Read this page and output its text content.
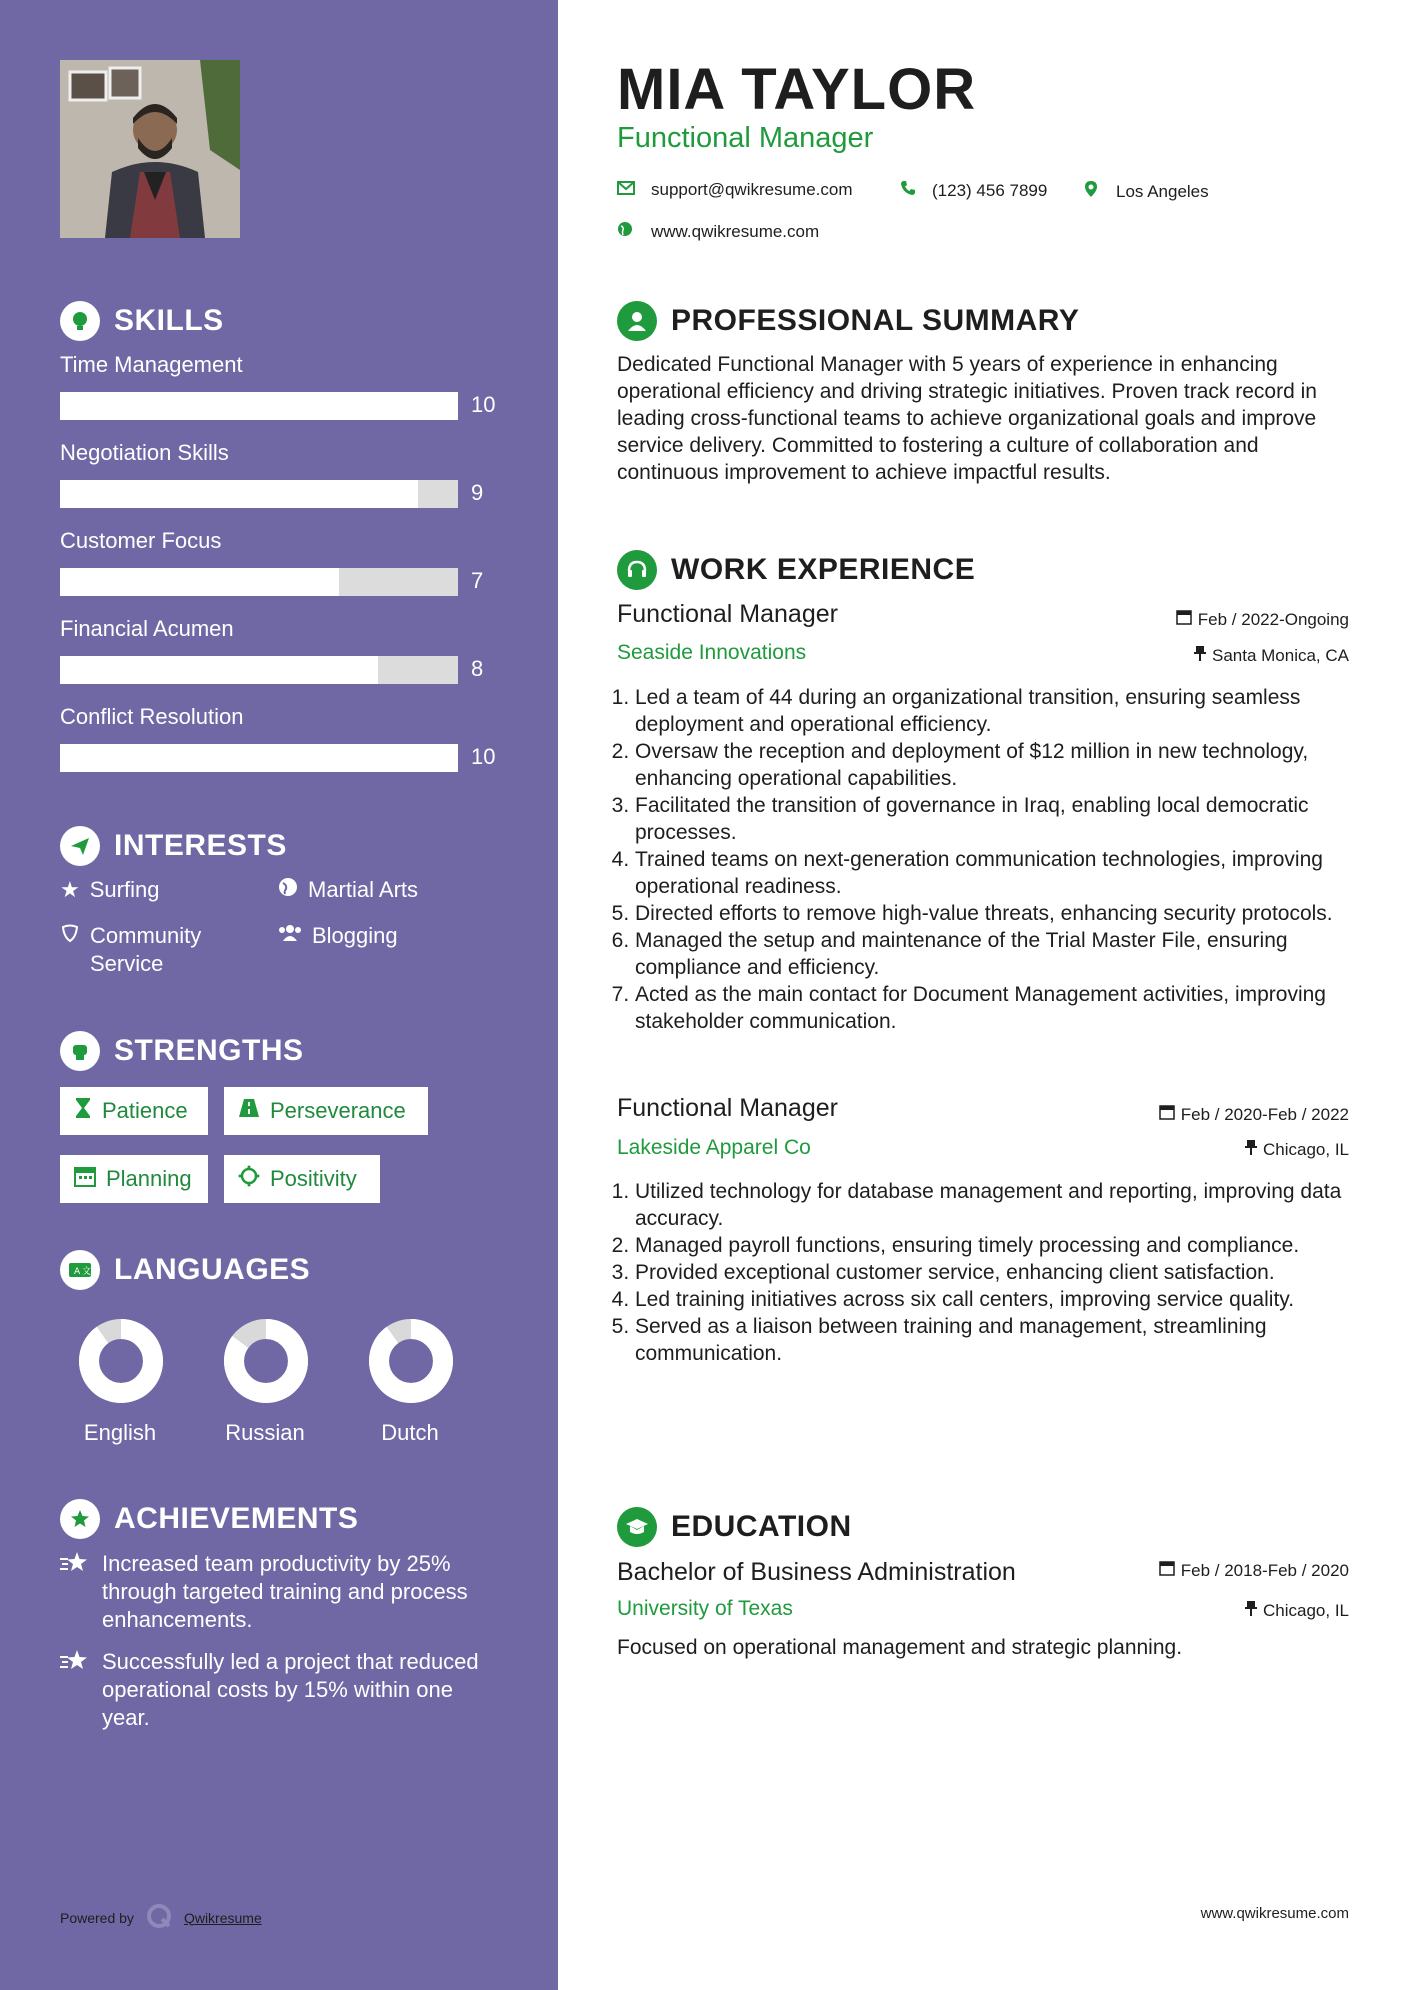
SKILLS
Time Management
10
Negotiation Skills
9
Customer Focus
7
Financial Acumen
8
Conflict Resolution
10
INTERESTS
★ Surfing	Martial Arts
Community Service
Blogging
STRENGTHS
Patience	Perseverance
Planning	Positivity
A 文 LANGUAGES
English	Russian	Dutch
ACHIEVEMENTS
Increased team productivity by 25% through targeted training and process enhancements.
Successfully led a project that reduced operational costs by 15% within one year.
Powered by	Qwikresume
MIA TAYLOR
Functional Manager
support@qwikresume.com	(123) 456 7899	Los Angeles
www.qwikresume.com
PROFESSIONAL SUMMARY

Dedicated Functional Manager with 5 years of experience in enhancing operational efficiency and driving strategic initiatives. Proven track record in leading cross-functional teams to achieve organizational goals and improve service delivery. Committed to fostering a culture of collaboration and continuous improvement to achieve impactful results.

WORK EXPERIENCE
Functional Manager	Feb / 2022-Ongoing
Seaside Innovations	Santa Monica, CA
1. Led a team of 44 during an organizational transition, ensuring seamless deployment and operational efficiency.
2. Oversaw the reception and deployment of $12 million in new technology, enhancing operational capabilities.
3. Facilitated the transition of governance in Iraq, enabling local democratic processes.
4. Trained teams on next-generation communication technologies, improving operational readiness.
5. Directed efforts to remove high-value threats, enhancing security protocols.
6. Managed the setup and maintenance of the Trial Master File, ensuring compliance and efficiency.
7. Acted as the main contact for Document Management activities, improving stakeholder communication.
Functional Manager	Feb / 2020-Feb / 2022
Lakeside Apparel Co	Chicago, IL
1. Utilized technology for database management and reporting, improving data accuracy.
2. Managed payroll functions, ensuring timely processing and compliance.
3. Provided exceptional customer service, enhancing client satisfaction.
4. Led training initiatives across six call centers, improving service quality.
5. Served as a liaison between training and management, streamlining communication.
EDUCATION
Bachelor of Business Administration	Feb / 2018-Feb / 2020
University of Texas	Chicago, IL

Focused on operational management and strategic planning.

www.qwikresume.com
